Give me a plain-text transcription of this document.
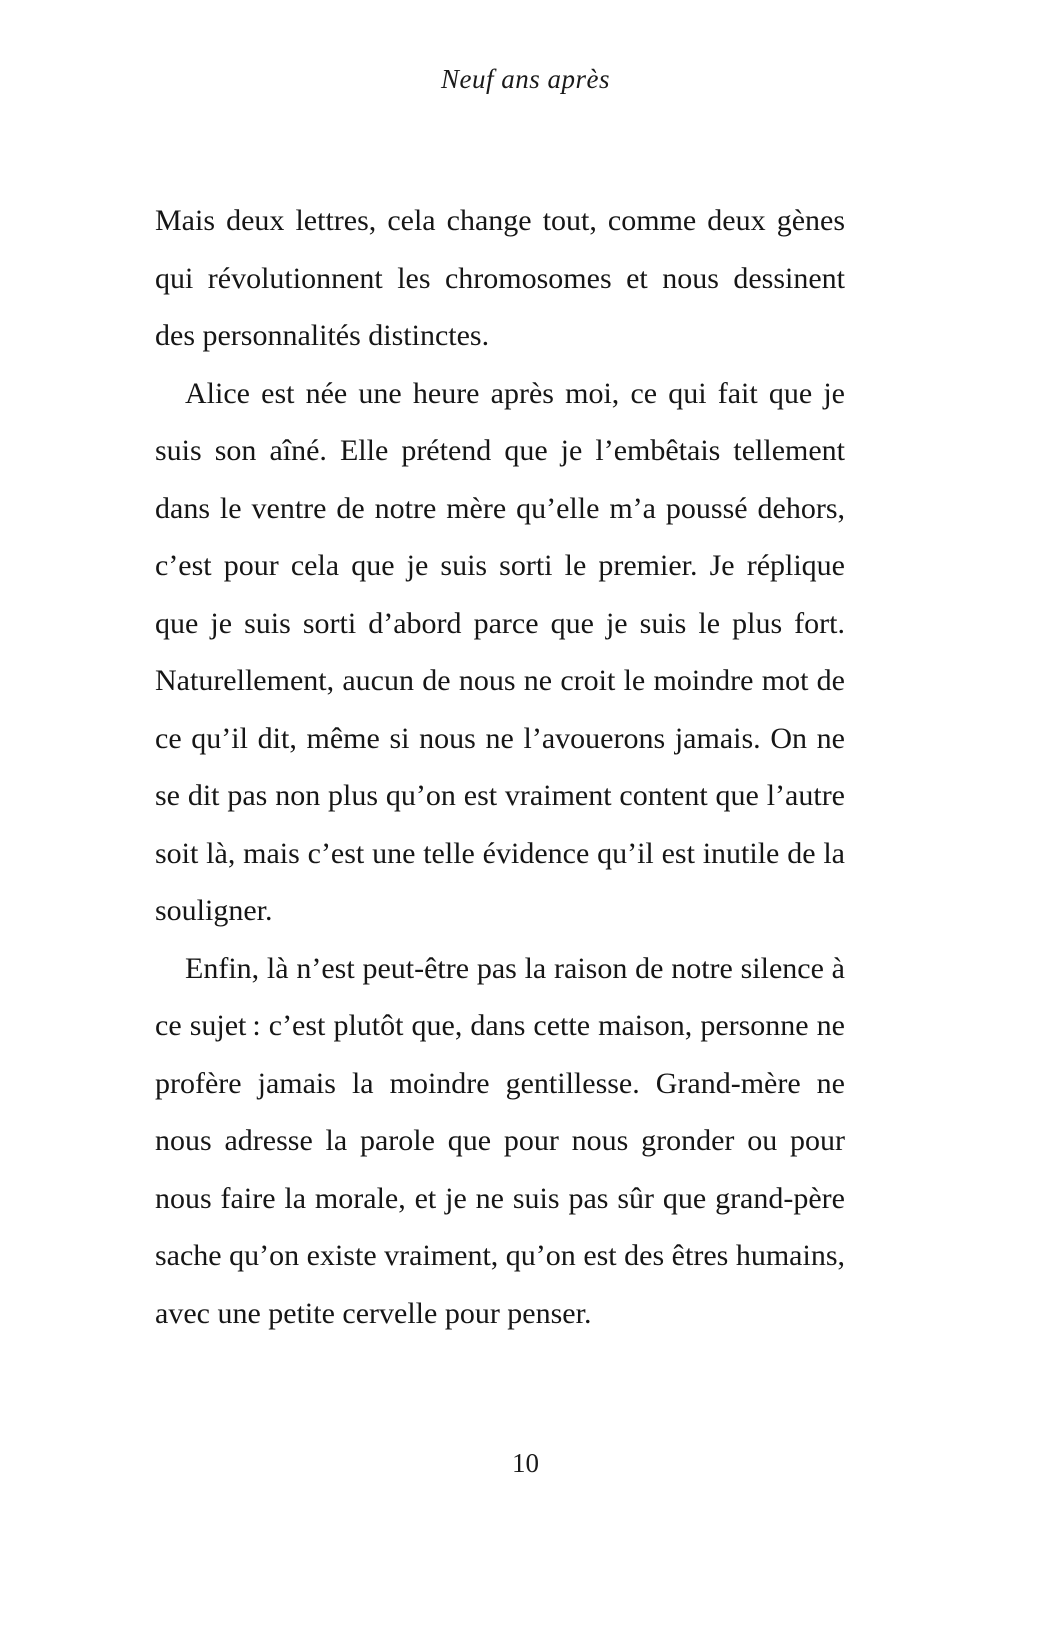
Neuf ans après

Mais deux lettres, cela change tout, comme deux gènes qui révolutionnent les chromosomes et nous dessinent des personnalités distinctes.

Alice est née une heure après moi, ce qui fait que je suis son aîné. Elle prétend que je l’embêtais tellement dans le ventre de notre mère qu’elle m’a poussé dehors, c’est pour cela que je suis sorti le premier. Je réplique que je suis sorti d’abord parce que je suis le plus fort. Naturellement, aucun de nous ne croit le moindre mot de ce qu’il dit, même si nous ne l’avouerons jamais. On ne se dit pas non plus qu’on est vraiment content que l’autre soit là, mais c’est une telle évidence qu’il est inutile de la souligner.

Enfin, là n’est peut-être pas la raison de notre silence à ce sujet : c’est plutôt que, dans cette maison, personne ne profère jamais la moindre gentillesse. Grand-mère ne nous adresse la parole que pour nous gronder ou pour nous faire la morale, et je ne suis pas sûr que grand-père sache qu’on existe vraiment, qu’on est des êtres humains, avec une petite cervelle pour penser.

10
